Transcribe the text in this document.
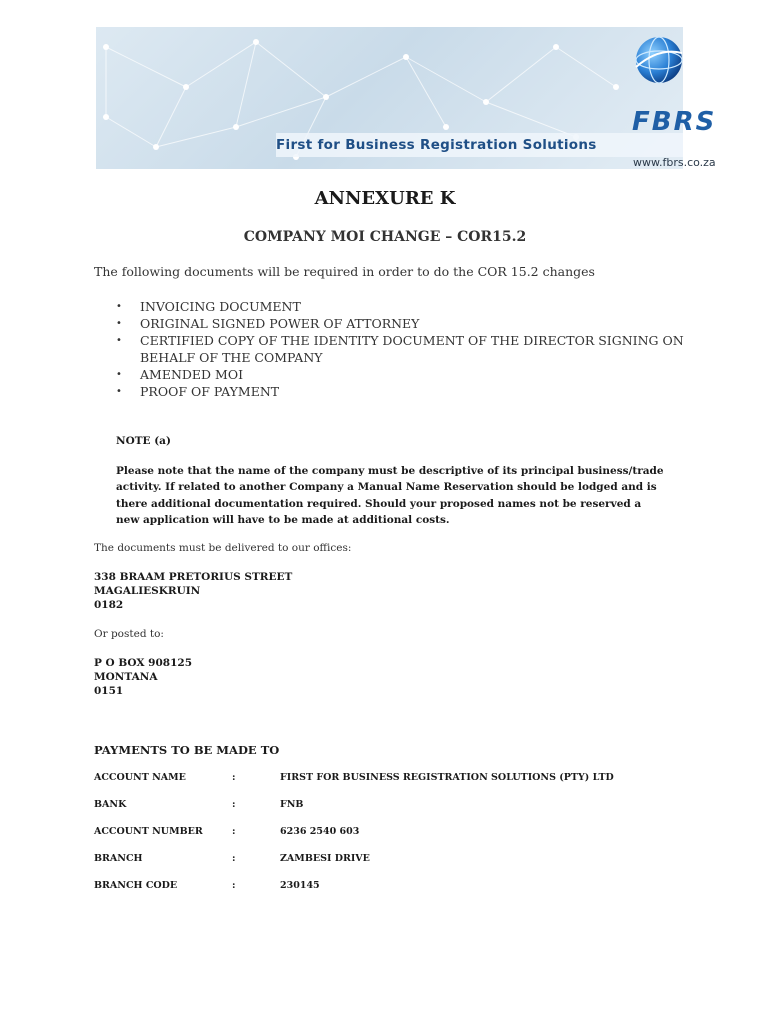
FBRS
First for Business Registration Solutions
www.fbrs.co.za
ANNEXURE K
COMPANY MOI CHANGE – COR15.2
The following documents will be required in order to do the COR 15.2 changes
• INVOICING DOCUMENT
• ORIGINAL SIGNED POWER OF ATTORNEY
• CERTIFIED COPY OF THE IDENTITY DOCUMENT OF THE DIRECTOR SIGNING ON BEHALF OF THE COMPANY
• AMENDED MOI
• PROOF OF PAYMENT
NOTE (a)
Please note that the name of the company must be descriptive of its principal business/trade
activity. If related to another Company a Manual Name Reservation should be lodged and is
there additional documentation required. Should your proposed names not be reserved a
new application will have to be made at additional costs.
The documents must be delivered to our offices:
338 BRAAM PRETORIUS STREET
MAGALIESKRUIN
0182
Or posted to:
P O BOX 908125
MONTANA
0151
PAYMENTS TO BE MADE TO
ACCOUNT NAME	:	FIRST FOR BUSINESS REGISTRATION SOLUTIONS (PTY) LTD
BANK	:	FNB
ACCOUNT NUMBER	:	6236 2540 603
BRANCH	:	ZAMBESI DRIVE
BRANCH CODE	:	230145
